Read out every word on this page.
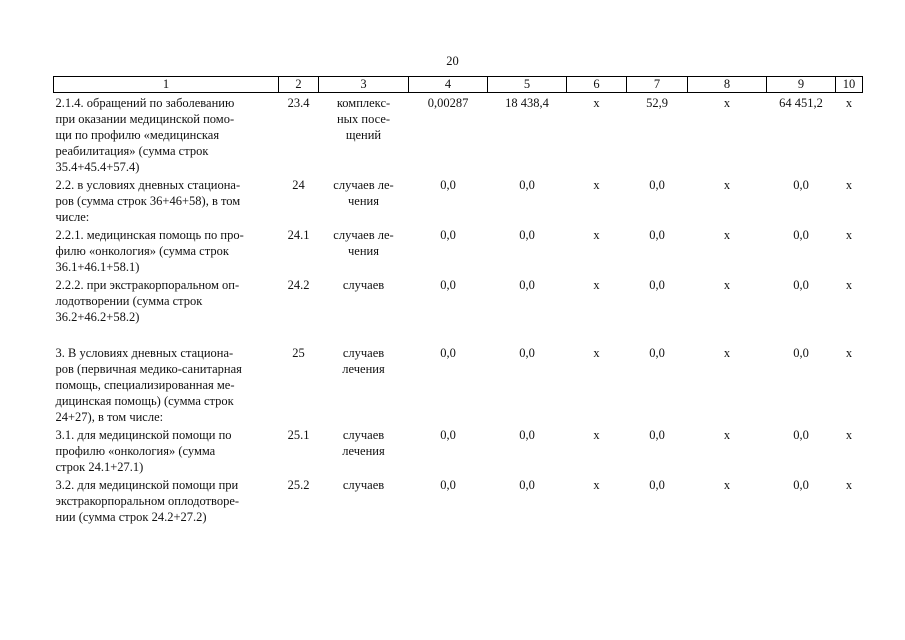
20
1	2	3	4	5	6	7	8	9	10

2.1.4. обращений по заболеванию
при оказании медицинской помо-
щи по профилю «медицинская
реабилитация» (сумма строк
35.4+45.4+57.4)	23.4	комплекс-
ных посе-
щений	0,00287	18 438,4	х	52,9	х	64 451,2	х

2.2. в условиях дневных стациона-
ров (сумма строк 36+46+58), в том
числе:	24	случаев ле-
чения	0,0	0,0	х	0,0	х	0,0	х

2.2.1. медицинская помощь по про-
филю «онкология» (сумма строк
36.1+46.1+58.1)	24.1	случаев ле-
чения	0,0	0,0	х	0,0	х	0,0	х

2.2.2. при экстракорпоральном оп-
лодотворении (сумма строк
36.2+46.2+58.2)	24.2	случаев	0,0	0,0	х	0,0	х	0,0	х

3. В условиях дневных стациона-
ров (первичная медико-санитарная
помощь, специализированная ме-
дицинская помощь) (сумма строк
24+27), в том числе:	25	случаев
лечения	0,0	0,0	х	0,0	х	0,0	х

3.1. для медицинской помощи по
профилю «онкология» (сумма
строк 24.1+27.1)	25.1	случаев
лечения	0,0	0,0	х	0,0	х	0,0	х

3.2. для медицинской помощи при
экстракорпоральном оплодотворе-
нии (сумма строк 24.2+27.2)	25.2	случаев	0,0	0,0	х	0,0	х	0,0	х
